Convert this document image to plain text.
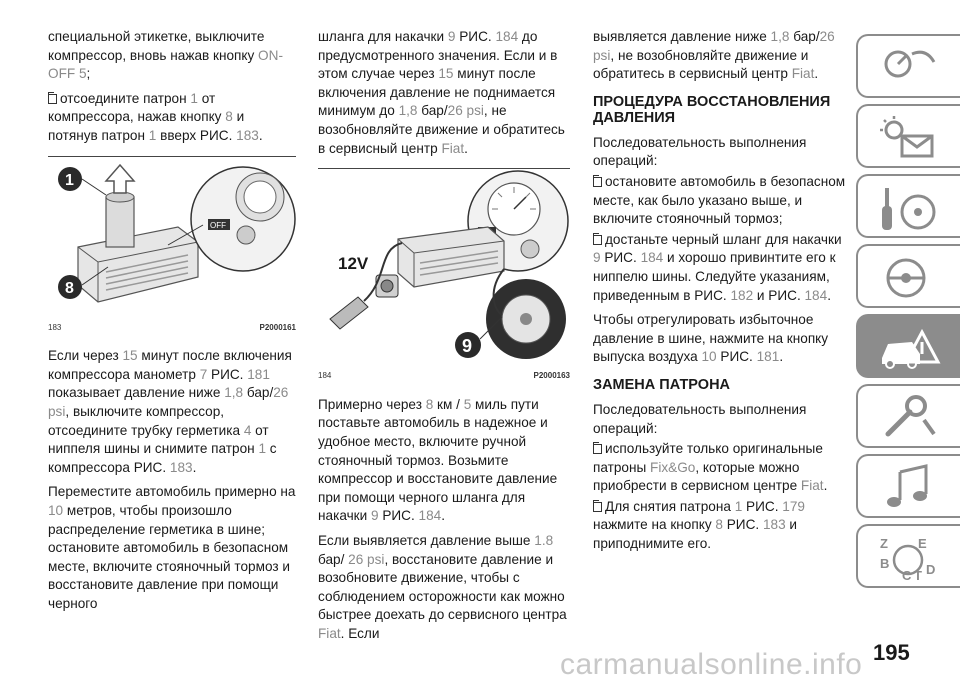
специальной этикетке, выключите компрессор, вновь нажав кнопку ON-OFF 5;

отсоедините патрон 1 от компрессора, нажав кнопку 8 и потянув патрон 1 вверх РИС. 183.

OFF
1
8
183	P2000161

Если через 15 минут после включения компрессора манометр 7 РИС. 181 показывает давление ниже 1,8 бар/26 psi, выключите компрессор, отсоедините трубку герметика 4 от ниппеля шины и снимите патрон 1 с компрессора РИС. 183.

Переместите автомобиль примерно на 10 метров, чтобы произошло распределение герметика в шине; остановите автомобиль в безопасном месте, включите стояночный тормоз и восстановите давление при помощи черного

шланга для накачки 9 РИС. 184 до предусмотренного значения. Если и в этом случае через 15 минут после включения давление не поднимается минимум до 1,8 бар/26 psi, не возобновляйте движение и обратитесь в сервисный центр Fiat.

12V
9
184	P2000163

Примерно через 8 км / 5 миль пути поставьте автомобиль в надежное и удобное место, включите ручной стояночный тормоз. Возьмите компрессор и восстановите давление при помощи черного шланга для накачки 9 РИС. 184.

Если выявляется давление выше 1.8 бар/ 26 psi, восстановите давление и возобновите движение, чтобы с соблюдением осторожности как можно быстрее доехать до сервисного центра Fiat. Если

выявляется давление ниже 1,8 бар/26 psi, не возобновляйте движение и обратитесь в сервисный центр Fiat.

ПРОЦЕДУРА ВОССТАНОВЛЕНИЯ ДАВЛЕНИЯ

Последовательность выполнения операций:

остановите автомобиль в безопасном месте, как было указано выше, и включите стояночный тормоз;

достаньте черный шланг для накачки 9 РИС. 184 и хорошо привинтите его к ниппелю шины. Следуйте указаниям, приведенным в РИС. 182 и РИС. 184.

Чтобы отрегулировать избыточное давление в шине, нажмите на кнопку выпуска воздуха 10 РИС. 181.

ЗАМЕНА ПАТРОНА

Последовательность выполнения операций:

используйте только оригинальные патроны Fix&Go, которые можно приобрести в сервисном центре Fiat.

Для снятия патрона 1 РИС. 179 нажмите на кнопку 8 РИС. 183 и приподнимите его.	Z E
B	D
C T
195
carmanualsonline.info
